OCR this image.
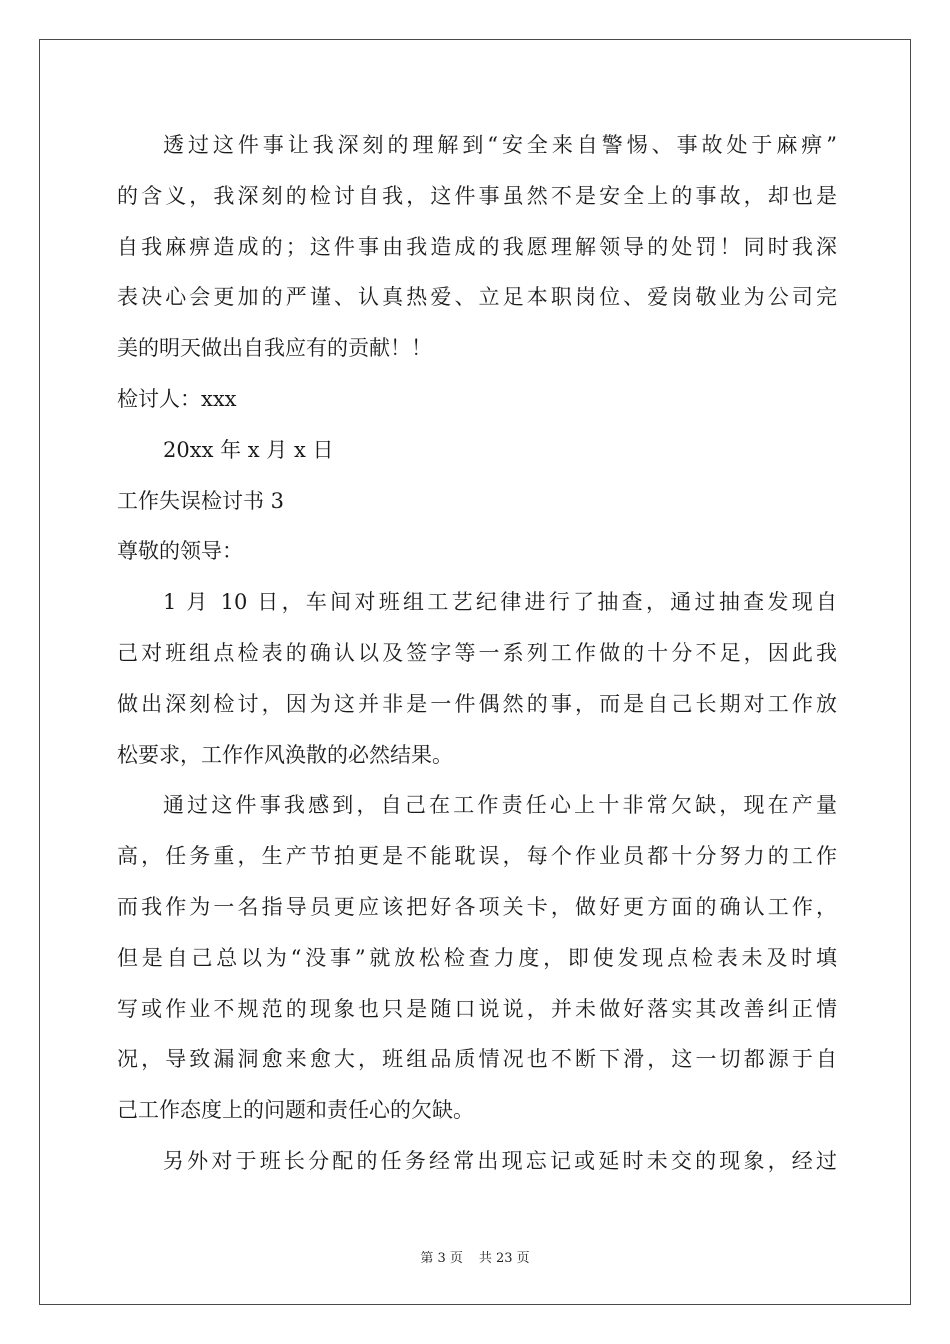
透过这件事让我深刻的理解到“安全来自警惕、事故处于麻痹”
的含义，我深刻的检讨自我，这件事虽然不是安全上的事故，却也是
自我麻痹造成的；这件事由我造成的我愿理解领导的处罚！同时我深
表决心会更加的严谨、认真热爱、立足本职岗位、爱岗敬业为公司完
美的明天做出自我应有的贡献！！
检讨人：xxx
20xx 年 x 月 x 日
工作失误检讨书 3
尊敬的领导：
1 月 10 日，车间对班组工艺纪律进行了抽查，通过抽查发现自
己对班组点检表的确认以及签字等一系列工作做的十分不足，因此我
做出深刻检讨，因为这并非是一件偶然的事，而是自己长期对工作放
松要求，工作作风涣散的必然结果。
通过这件事我感到，自己在工作责任心上十非常欠缺，现在产量
高，任务重，生产节拍更是不能耽误，每个作业员都十分努力的工作
而我作为一名指导员更应该把好各项关卡，做好更方面的确认工作，
但是自己总以为“没事”就放松检查力度，即使发现点检表未及时填
写或作业不规范的现象也只是随口说说，并未做好落实其改善纠正情
况，导致漏洞愈来愈大，班组品质情况也不断下滑，这一切都源于自
己工作态度上的问题和责任心的欠缺。
另外对于班长分配的任务经常出现忘记或延时未交的现象，经过
第 3 页 共 23 页
